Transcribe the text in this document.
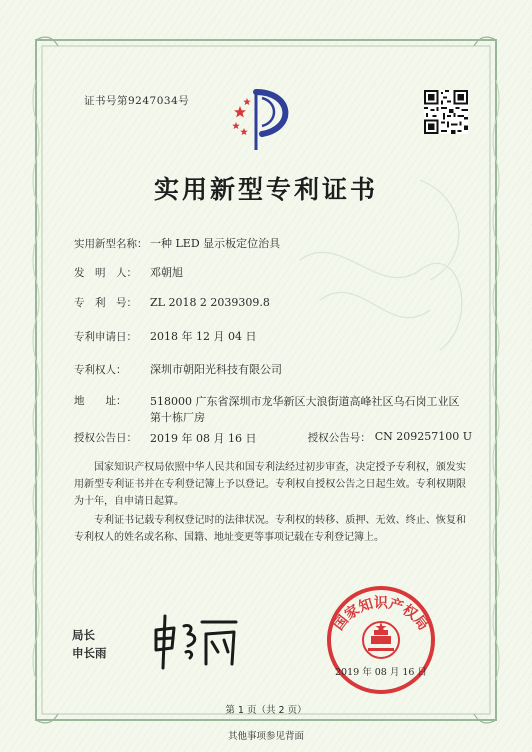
证书号第9247034号
实用新型专利证书
实用新型名称： 一种 LED 显示板定位治具
发　明　人：	邓朝旭
专　利　号：	ZL 2018 2 2039309.8
专利申请日：	2018 年 12 月 04 日
专利权人：	深圳市朝阳光科技有限公司
地　　址：	518000 广东省深圳市龙华新区大浪街道高峰社区乌石岗工业区第十栋厂房
授权公告日：	2019 年 08 月 16 日	授权公告号： CN 209257100 U
国家知识产权局依照中华人民共和国专利法经过初步审查，决定授予专利权，颁发实用新型专利证书并在专利登记簿上予以登记。专利权自授权公告之日起生效。专利权期限为十年，自申请日起算。
专利证书记载专利权登记时的法律状况。专利权的转移、质押、无效、终止、恢复和专利权人的姓名或名称、国籍、地址变更等事项记载在专利登记簿上。
局长
申长雨
国家知识产权局
2019 年 08 月 16 日
第 1 页（共 2 页）
其他事项参见背面
